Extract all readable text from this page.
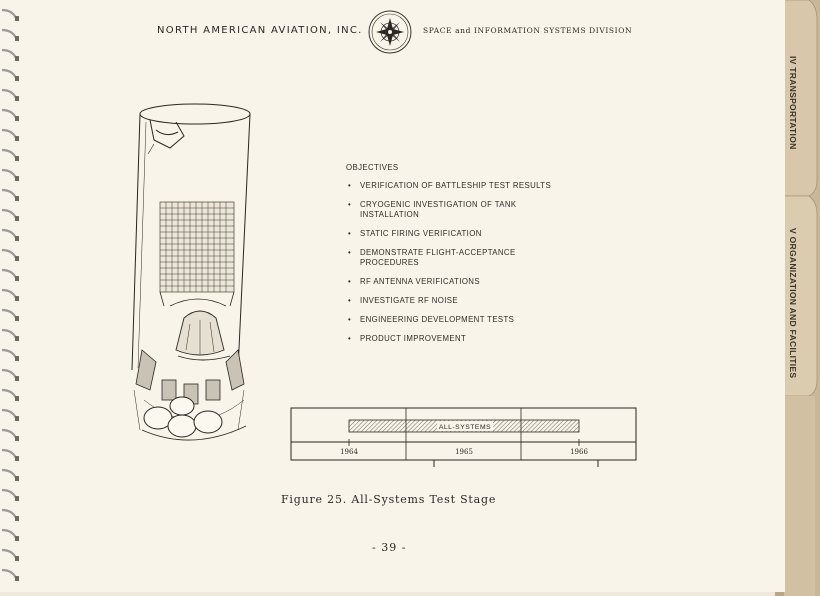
IV TRANSPORTATION
V ORGANIZATION AND FACILITIES
NORTH AMERICAN AVIATION, INC.	SPACE and INFORMATION SYSTEMS DIVISION
OBJECTIVES
• VERIFICATION OF BATTLESHIP TEST RESULTS
• CRYOGENIC INVESTIGATION OF TANK
INSTALLATION
• STATIC FIRING VERIFICATION
• DEMONSTRATE FLIGHT-ACCEPTANCE
PROCEDURES
• RF ANTENNA VERIFICATIONS
• INVESTIGATE RF NOISE
• ENGINEERING DEVELOPMENT TESTS
• PRODUCT IMPROVEMENT
ALL-SYSTEMS
1964	1965	1966
Figure 25. All-Systems Test Stage
- 39 -
